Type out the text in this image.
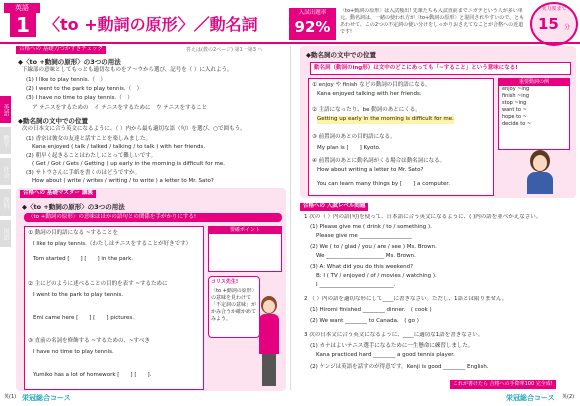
英語
1 〈to +動詞の原形〉／動名詞
入試出題率
92%
〈to+動詞の原形〉は入試頻出! 先輩たちも入試直前までニガテという人が多い単元。動名詞は、一緒の使われ方が〈to+動詞の原形〉と混同されやすいので、ともあわせて、この2つの不定詞の使い分けをしっかりおさえてなことが合格への近道です!
実力度まで
15 分
英語
数学
社会
理科
国語
合格への 基礎力つかずきチェック	答えは(教の2ページ) 第1一第3 へ
◆〈to +動詞の原形〉の3つの用法
下線部の意味としてもっとも適切なものをア〜ウから選び、記号を（ ）に入れよう。
(1) I like to play tennis.（　）
(2) I went to the park to play tennis.（　）
(3) I have no time to play tennis.（　）
ア テニスをするための　イ テニスをするために　ウ テニスをすること
◆動名詞の文中での位置
次の日本文に合う英文になるように、（ ）内から最も適切な語（句）を選び、○で囲もう。
(1) 香奈は彼女の友達と話すことを楽しみました。
Kana enjoyed ( talk / talked / talking / to talk ) with her friends.
(2) 朝早く起きることはわたしにとって難しいです。
( Get / Got / Gets / Getting ) up early in the morning is difficult for me.
(3) サトウさんに手紙を書くのはどうですか。
How about ( write / writes / writing / to write ) a letter to Mr. Sato?
合格への 基礎マスター 講義
◆〈to +動詞の原形〉の3つの用法
〈to +動詞の原形〉の意味はほかの語句との関係を手がかりにする!
① 動詞の目的語になる ~することを
I like to play tennis.（わたしはテニスをすることが好きです）
Tom started [　　] [　　] in the park.
② 主にどのように述べることの目的を表す ~するために
I went to the park to play tennis.
Emi came here [　　] [　　] pictures.
③ 直前の名詞を修飾する ~するための、~すべき
I have no time to play tennis.
Yumiko has a lot of homework [　　] [　　].
要確ポイント
コリス先生!
〈to +動詞の原形〉の意味を見わけて「不定詞の意味」がかみ合うか確かめてみよう。
◆動名詞の文中での位置
動名詞（動詞のing形）は文中のどこにあっても「~すること」という意味になる!
① enjoy や finish などの動詞の目的語になる。
Kana enjoyed talking with her friends.
② 主語になったり、be 動詞のあとにくる。
Getting up early in the morning is difficult for me.
③ 前置詞のあとの目的語になる。
My plan is [　　] Kyoto.
④ 前置詞のあとに動名詞がくる場合は動名詞になる。
How about writing a letter to Mr. Sato?
You can learn many things by [　　] a computer.
重要動詞の例
enjoy ~ing
finish ~ing
stop ~ing
want to ~
hope to ~
decide to ~
合格への 入試レベル問題
1 次の（ ）内の語(句)を使って、日本語に合う英文になるように、( )内の語を並べかえなさい。
(1) Please give me ( drink / to / something ).
Please give me ___________________
(2) We ( to / glad / you / are / see ) Ms. Brown.
We _____________________ Ms. Brown.
(3) A: What did you do this weekend?
B: I ( TV / enjoyed / of / movies / watching ).
I ___________________________.
2 （ ）内の語を適切な形にして____に書きなさい。ただし、1語とは限りません。
(1) Hiromi finished ________ dinner.　( cook )
(2) We want ________ to Canada.　( go )
3 次の日本文に合う英文になるように、____に適切な1語を書きなさい。
(1) カナはよいテニス選手になるために一生懸命に練習しました。
Kana practiced hard ________ a good tennis player.
(2) ケンジは英語を話すのが得意です。Kenji is good ________ English.
これが書けたら 合格への手際率100 完全成!
英(1) 栄冠総合コース	栄冠総合コース 英(2)
